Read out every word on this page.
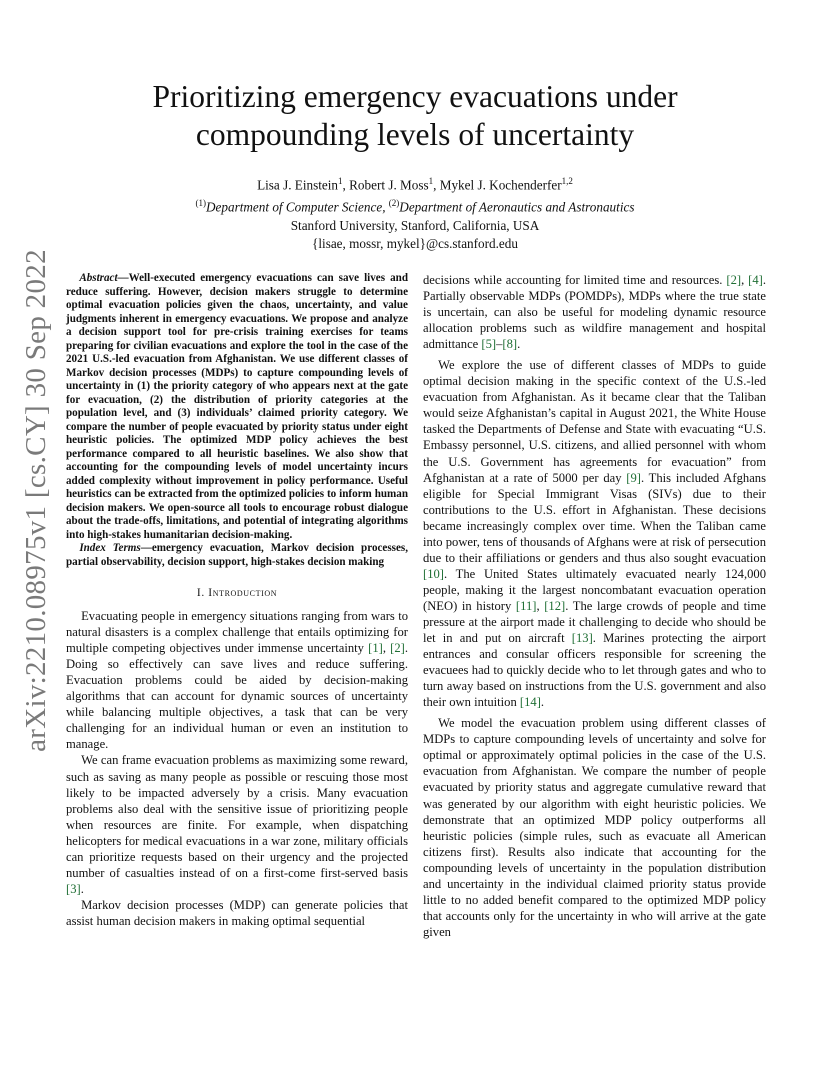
arXiv:2210.08975v1 [cs.CY] 30 Sep 2022
Prioritizing emergency evacuations under
compounding levels of uncertainty
Lisa J. Einstein$^1$, Robert J. Moss$^1$, Mykel J. Kochenderfer$^{1,2}$
$^{(1)}$Department of Computer Science, $^{(2)}$Department of Aeronautics and Astronautics
Stanford University, Stanford, California, USA
{lisae, mossr, mykel}@cs.stanford.edu

Abstract—Well-executed emergency evacuations can save lives and reduce suffering. However, decision makers struggle to determine optimal evacuation policies given the chaos, uncertainty, and value judgments inherent in emergency evacuations. We propose and analyze a decision support tool for pre-crisis training exercises for teams preparing for civilian evacuations and explore the tool in the case of the 2021 U.S.-led evacuation from Afghanistan. We use different classes of Markov decision processes (MDPs) to capture compounding levels of uncertainty in (1) the priority category of who appears next at the gate for evacuation, (2) the distribution of priority categories at the population level, and (3) individuals’ claimed priority category. We compare the number of people evacuated by priority status under eight heuristic policies. The optimized MDP policy achieves the best performance compared to all heuristic baselines. We also show that accounting for the compounding levels of model uncertainty incurs added complexity without improvement in policy performance. Useful heuristics can be extracted from the optimized policies to inform human decision makers. We open-source all tools to encourage robust dialogue about the trade-offs, limitations, and potential of integrating algorithms into high-stakes humanitarian decision-making.

Index Terms—emergency evacuation, Markov decision processes, partial observability, decision support, high-stakes decision making

I. Introduction

Evacuating people in emergency situations ranging from wars to natural disasters is a complex challenge that entails optimizing for multiple competing objectives under immense uncertainty [1], [2]. Doing so effectively can save lives and reduce suffering. Evacuation problems could be aided by decision-making algorithms that can account for dynamic sources of uncertainty while balancing multiple objectives, a task that can be very challenging for an individual human or even an institution to manage.

We can frame evacuation problems as maximizing some reward, such as saving as many people as possible or rescuing those most likely to be impacted adversely by a crisis. Many evacuation problems also deal with the sensitive issue of prioritizing people when resources are finite. For example, when dispatching helicopters for medical evacuations in a war zone, military officials can prioritize requests based on their urgency and the projected number of casualties instead of on a first-come first-served basis [3].

Markov decision processes (MDP) can generate policies that assist human decision makers in making optimal sequential

decisions while accounting for limited time and resources. [2], [4]. Partially observable MDPs (POMDPs), MDPs where the true state is uncertain, can also be useful for modeling dynamic resource allocation problems such as wildfire management and hospital admittance [5]–[8].

We explore the use of different classes of MDPs to guide optimal decision making in the specific context of the U.S.-led evacuation from Afghanistan. As it became clear that the Taliban would seize Afghanistan’s capital in August 2021, the White House tasked the Departments of Defense and State with evacuating “U.S. Embassy personnel, U.S. citizens, and allied personnel with whom the U.S. Government has agreements for evacuation” from Afghanistan at a rate of 5000 per day [9]. This included Afghans eligible for Special Immigrant Visas (SIVs) due to their contributions to the U.S. effort in Afghanistan. These decisions became increasingly complex over time. When the Taliban came into power, tens of thousands of Afghans were at risk of persecution due to their affiliations or genders and thus also sought evacuation [10]. The United States ultimately evacuated nearly 124,000 people, making it the largest noncombatant evacuation operation (NEO) in history [11], [12]. The large crowds of people and time pressure at the airport made it challenging to decide who should be let in and put on aircraft [13]. Marines protecting the airport entrances and consular officers responsible for screening the evacuees had to quickly decide who to let through gates and who to turn away based on instructions from the U.S. government and also their own intuition [14].

We model the evacuation problem using different classes of MDPs to capture compounding levels of uncertainty and solve for optimal or approximately optimal policies in the case of the U.S. evacuation from Afghanistan. We compare the number of people evacuated by priority status and aggregate cumulative reward that was generated by our algorithm with eight heuristic policies. We demonstrate that an optimized MDP policy outperforms all heuristic policies (simple rules, such as evacuate all American citizens first). Results also indicate that accounting for the compounding levels of uncertainty in the population distribution and uncertainty in the individual claimed priority status provide little to no added benefit compared to the optimized MDP policy that accounts only for the uncertainty in who will arrive at the gate given
